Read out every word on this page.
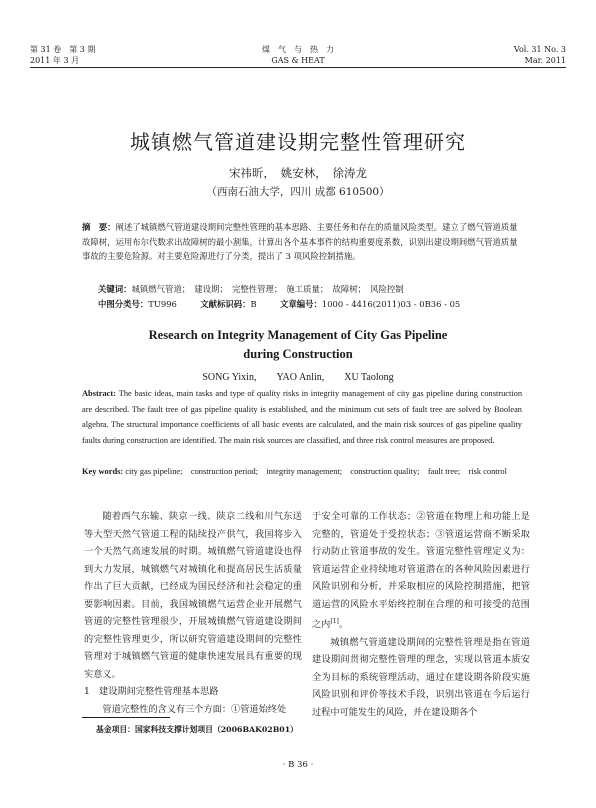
第 31 卷　第 3 期
2011 年 3 月
煤　气　与　热　力
GAS & HEAT
Vol. 31 No. 3
Mar. 2011
城镇燃气管道建设期完整性管理研究
宋祎昕，　姚安林，　徐涛龙
（西南石油大学，四川 成都 610500）
摘　要：阐述了城镇燃气管道建设期间完整性管理的基本思路、主要任务和存在的质量风险类型。建立了燃气管道质量故障树，运用布尔代数求出故障树的最小割集，计算出各个基本事件的结构重要度系数，识别出建设期间燃气管道质量事故的主要危险源。对主要危险源进行了分类，提出了 3 项风险控制措施。
关键词：城镇燃气管道；　建设期；　完整性管理；　施工质量；　故障树；　风险控制
中图分类号：TU996	文献标识码：B	文章编号：1000 - 4416(2011)03 - 0B36 - 05
Research on Integrity Management of City Gas Pipeline
during Construction
SONG Yixin,　　YAO Anlin,　　XU Taolong
Abstract: The basic ideas, main tasks and type of quality risks in integrity management of city gas pipeline during construction are described. The fault tree of gas pipeline quality is established, and the minimum cut sets of fault tree are solved by Boolean algebra. The structural importance coefficients of all basic events are calculated, and the main risk sources of gas pipeline quality faults during construction are identified. The main risk sources are classified, and three risk control measures are proposed.
Key words: city gas pipeline;　construction period;　integrity management;　construction quality;　fault tree;　risk control

随着西气东输、陕京一线、陕京二线和川气东送等大型天然气管道工程的陆续投产供气，我国将步入一个天然气高速发展的时期。城镇燃气管道建设也得到大力发展，城镇燃气对城镇化和提高居民生活质量作出了巨大贡献，已经成为国民经济和社会稳定的重要影响因素。目前，我国城镇燃气运营企业开展燃气管道的完整性管理很少，开展城镇燃气管道建设期间的完整性管理更少，所以研究管道建设期间的完整性管理对于城镇燃气管道的健康快速发展具有重要的现实意义。

1　建设期间完整性管理基本思路

管道完整性的含义有三个方面：①管道始终处

于安全可靠的工作状态；②管道在物理上和功能上是完整的，管道处于受控状态；③管道运营商不断采取行动防止管道事故的发生。管道完整性管理定义为：管道运营企业持续地对管道潜在的各种风险因素进行风险识别和分析，并采取相应的风险控制措施，把管道运营的风险水平始终控制在合理的和可接受的范围之内[1]。

城镇燃气管道建设期间的完整性管理是指在管道建设期间贯彻完整性管理的理念，实现以管道本质安全为目标的系统管理活动，通过在建设期各阶段实施风险识别和评价等技术手段，识别出管道在今后运行过程中可能发生的风险，并在建设期各个

基金项目：国家科技支撑计划项目（2006BAK02B01）
· B 36 ·
